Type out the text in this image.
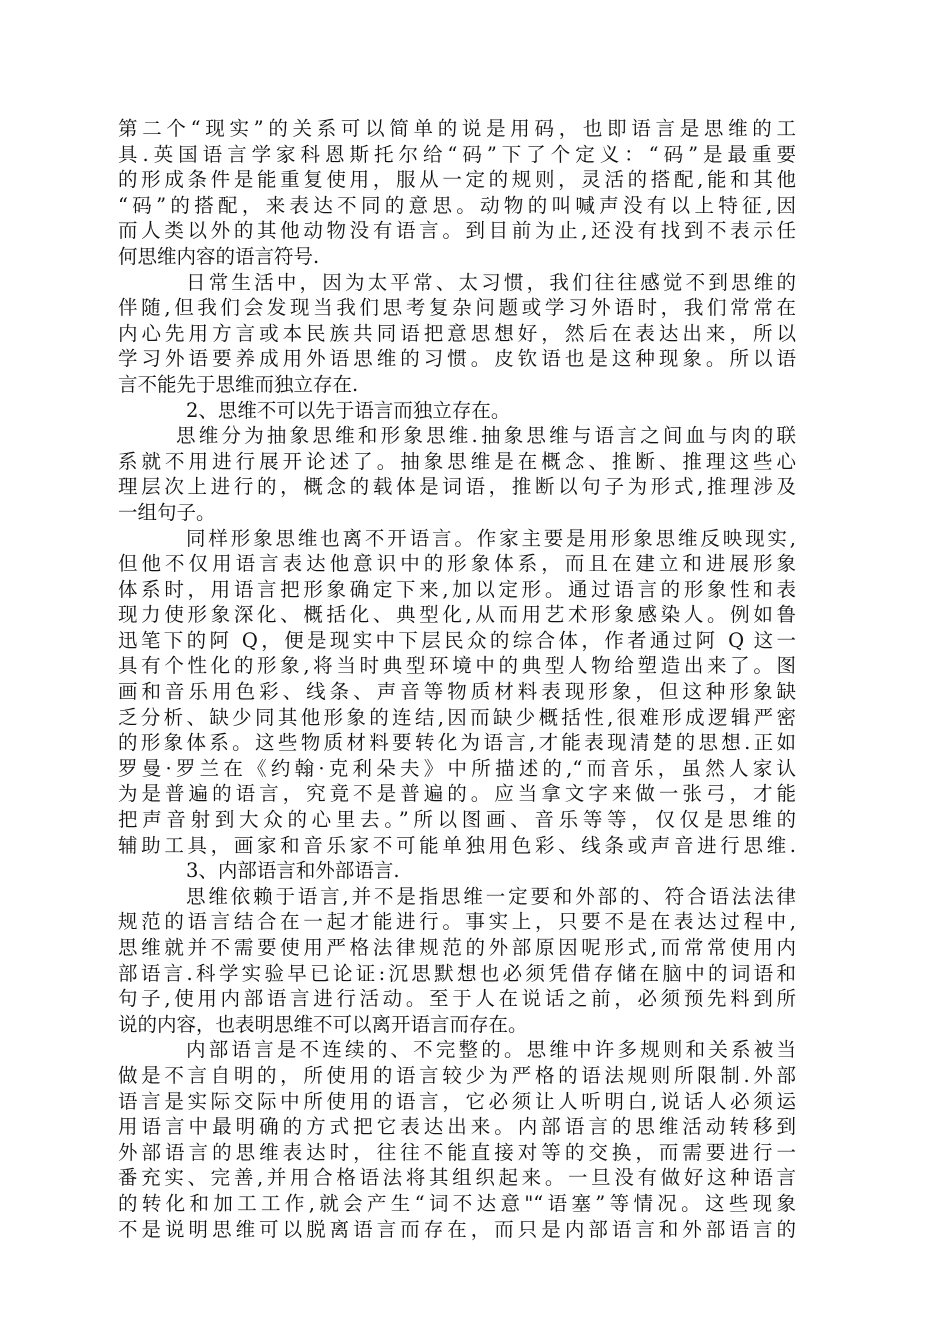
第二个“现实”的关系可以简单的说是用码，也即语言是思维的工
具.英国语言学家科恩斯托尔给“码”下了个定义：“码”是最重要
的形成条件是能重复使用，服从一定的规则，灵活的搭配,能和其他
“码”的搭配，来表达不同的意思。动物的叫喊声没有以上特征,因
而人类以外的其他动物没有语言。到目前为止,还没有找到不表示任
何思维内容的语言符号.
日常生活中，因为太平常、太习惯，我们往往感觉不到思维的
伴随,但我们会发现当我们思考复杂问题或学习外语时，我们常常在
内心先用方言或本民族共同语把意思想好，然后在表达出来，所以
学习外语要养成用外语思维的习惯。皮钦语也是这种现象。所以语
言不能先于思维而独立存在.
2、思维不可以先于语言而独立存在。
思维分为抽象思维和形象思维.抽象思维与语言之间血与肉的联
系就不用进行展开论述了。抽象思维是在概念、推断、推理这些心
理层次上进行的，概念的载体是词语，推断以句子为形式,推理涉及
一组句子。
同样形象思维也离不开语言。作家主要是用形象思维反映现实,
但他不仅用语言表达他意识中的形象体系，而且在建立和进展形象
体系时，用语言把形象确定下来,加以定形。通过语言的形象性和表
现力使形象深化、概括化、典型化,从而用艺术形象感染人。例如鲁
迅笔下的阿 Q，便是现实中下层民众的综合体，作者通过阿 Q 这一
具有个性化的形象,将当时典型环境中的典型人物给塑造出来了。图
画和音乐用色彩、线条、声音等物质材料表现形象，但这种形象缺
乏分析、缺少同其他形象的连结,因而缺少概括性,很难形成逻辑严密
的形象体系。这些物质材料要转化为语言,才能表现清楚的思想.正如
罗曼·罗兰在《约翰·克利朵夫》中所描述的,“而音乐，虽然人家认
为是普遍的语言，究竟不是普遍的。应当拿文字来做一张弓，才能
把声音射到大众的心里去。”所以图画、音乐等等，仅仅是思维的
辅助工具，画家和音乐家不可能单独用色彩、线条或声音进行思维.
3、内部语言和外部语言.
思维依赖于语言,并不是指思维一定要和外部的、符合语法法律
规范的语言结合在一起才能进行。事实上，只要不是在表达过程中,
思维就并不需要使用严格法律规范的外部原因呢形式,而常常使用内
部语言.科学实验早已论证:沉思默想也必须凭借存储在脑中的词语和
句子,使用内部语言进行活动。至于人在说话之前，必须预先料到所
说的内容，也表明思维不可以离开语言而存在。
内部语言是不连续的、不完整的。思维中许多规则和关系被当
做是不言自明的，所使用的语言较少为严格的语法规则所限制.外部
语言是实际交际中所使用的语言，它必须让人听明白,说话人必须运
用语言中最明确的方式把它表达出来。内部语言的思维活动转移到
外部语言的思维表达时，往往不能直接对等的交换，而需要进行一
番充实、完善,并用合格语法将其组织起来。一旦没有做好这种语言
的转化和加工工作,就会产生“词不达意"“语塞”等情况。这些现象
不是说明思维可以脱离语言而存在，而只是内部语言和外部语言的
